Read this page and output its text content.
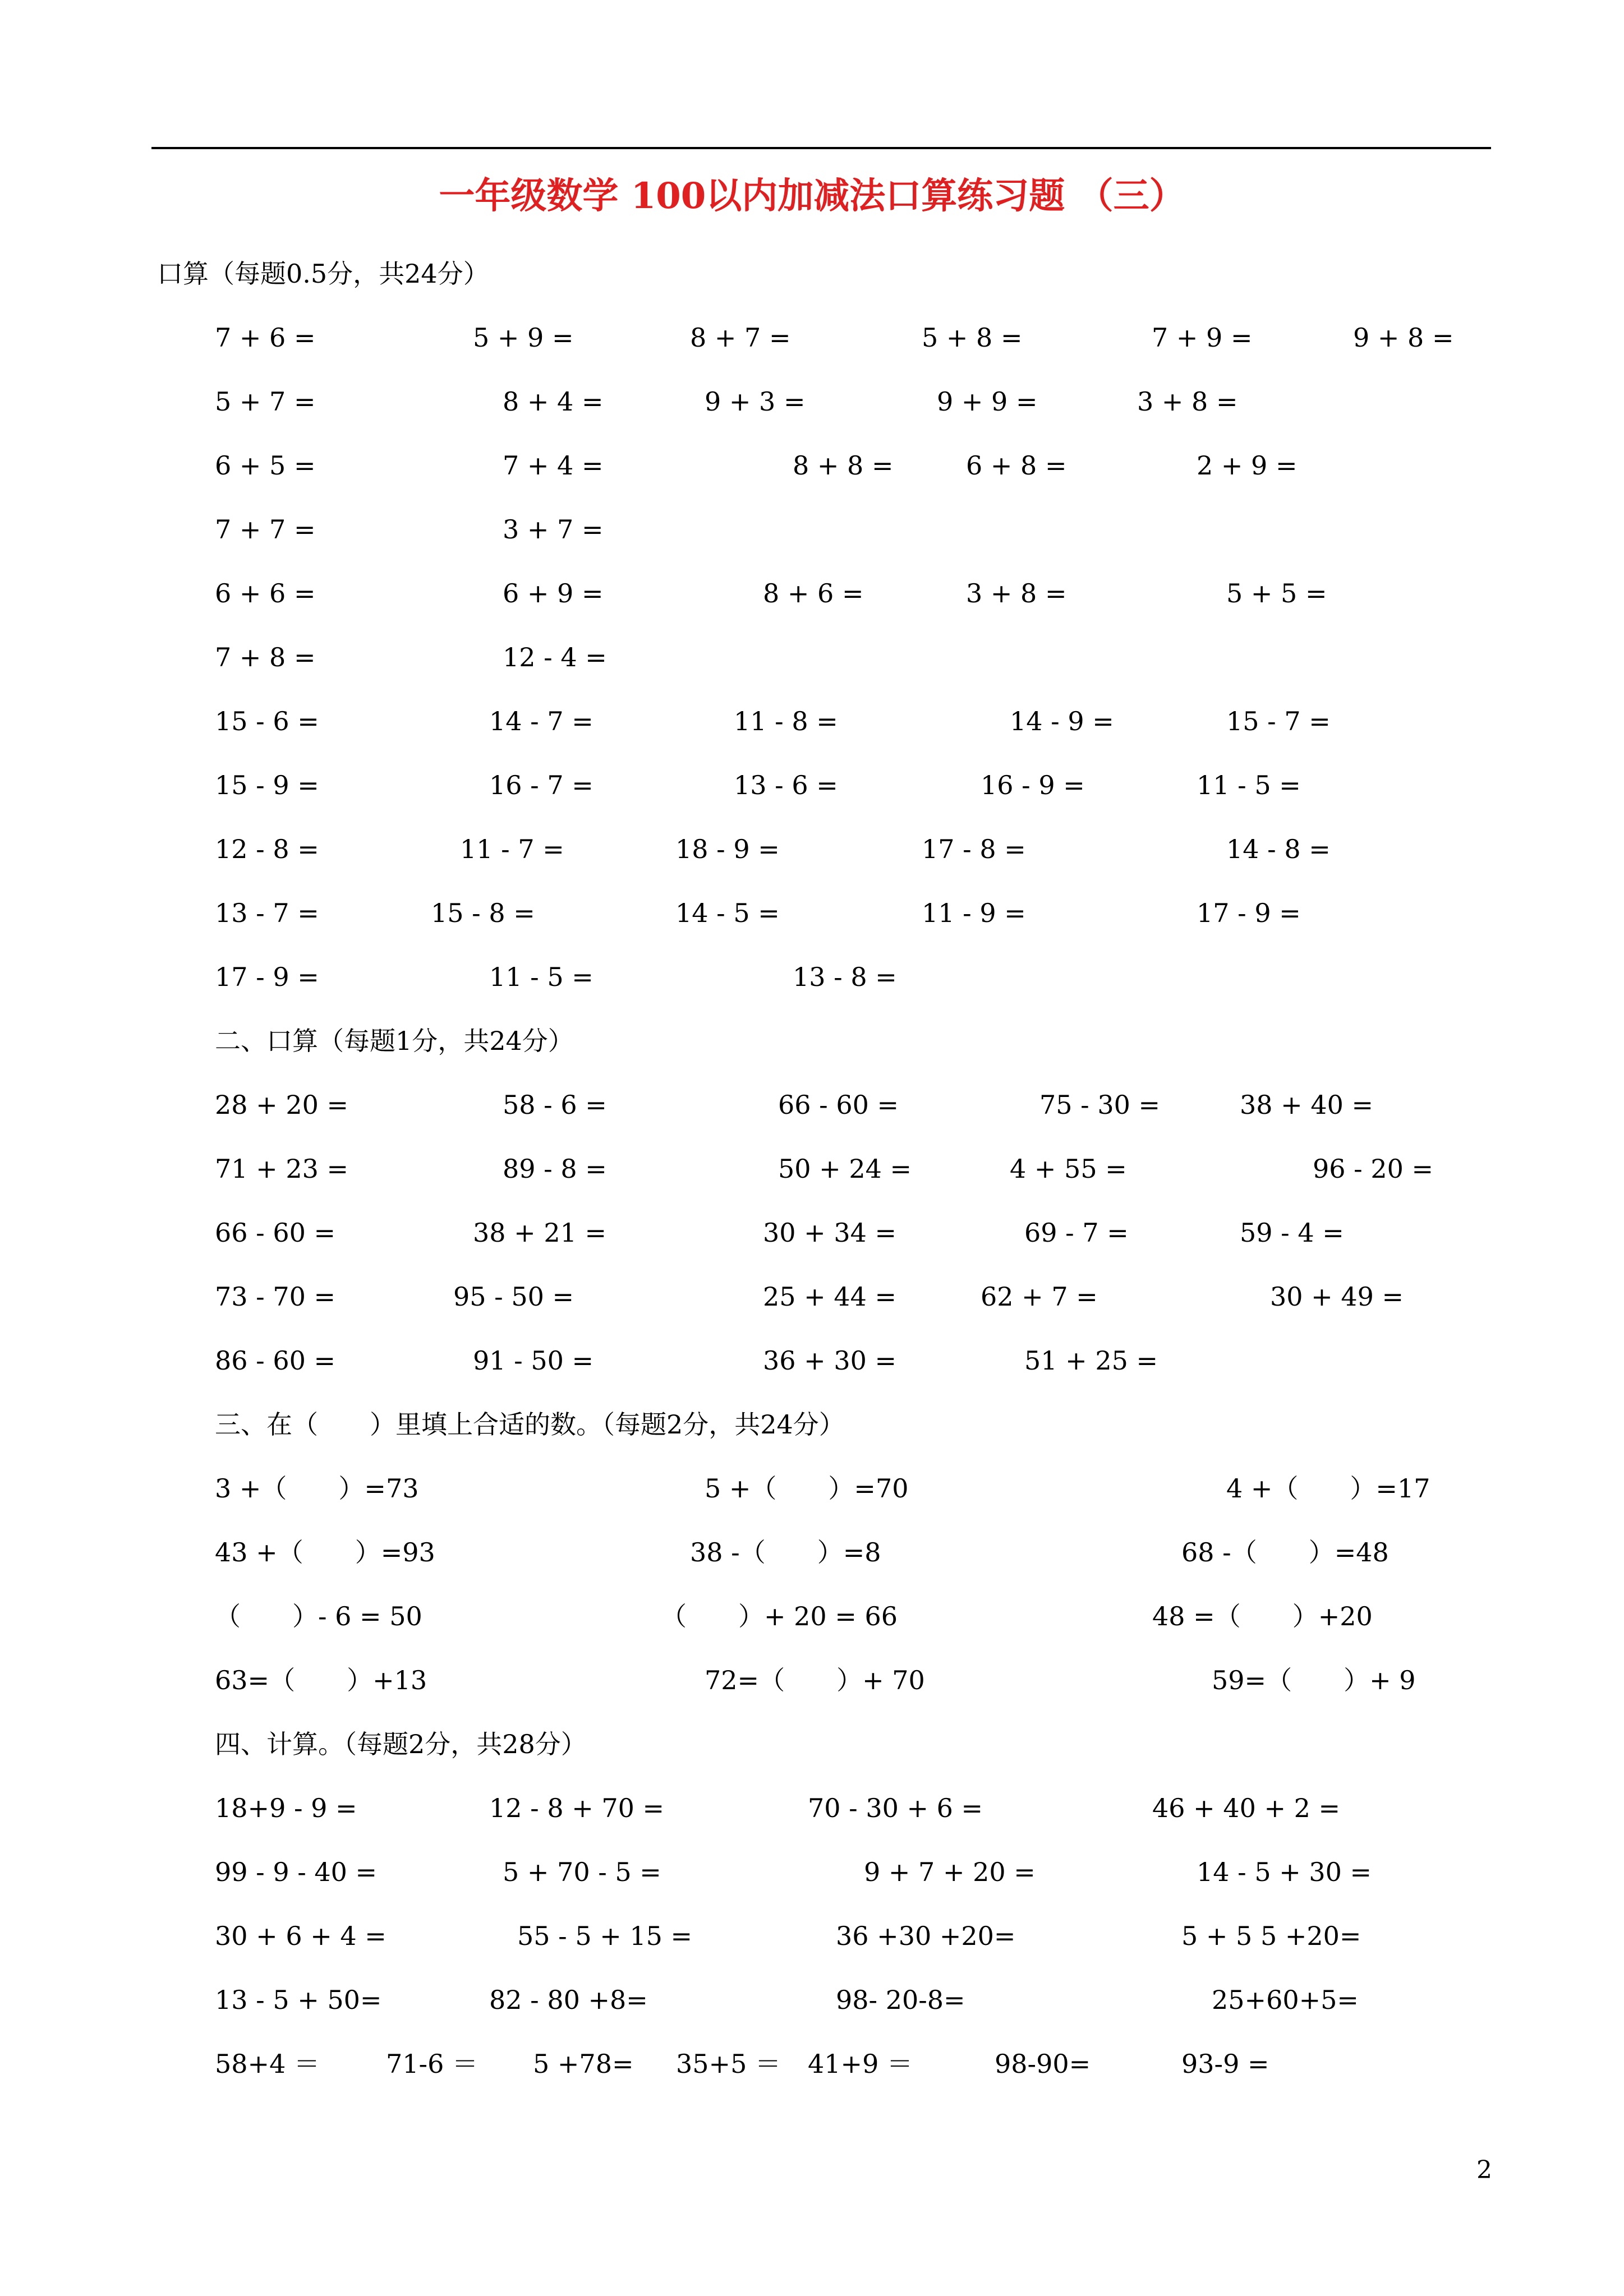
一年级数学 100以内加减法口算练习题 （三）
口算（每题0.5分，共24分）
7 + 6 =	5 + 9 =	8 + 7 =	5 + 8 =	7 + 9 =	9 + 8 =
5 + 7 =	8 + 4 =	9 + 3 =	9 + 9 =	3 + 8 =
6 + 5 =	7 + 4 =	8 + 8 =	6 + 8 =	2 + 9 =
7 + 7 =	3 + 7 =
6 + 6 =	6 + 9 =	8 + 6 =	3 + 8 =	5 + 5 =
7 + 8 =	12 - 4 =
15 - 6 =	14 - 7 =	11 - 8 =	14 - 9 =	15 - 7 =
15 - 9 =	16 - 7 =	13 - 6 =	16 - 9 =	11 - 5 =
12 - 8 =	11 - 7 =	18 - 9 =	17 - 8 =	14 - 8 =
13 - 7 =	15 - 8 =	14 - 5 =	11 - 9 =	17 - 9 =
17 - 9 =	11 - 5 =	13 - 8 =
二、口算（每题1分，共24分）
28 + 20 =	58 - 6 =	66 - 60 =	75 - 30 =	38 + 40 =
71 + 23 =	89 - 8 =	50 + 24 =	4 + 55 =	96 - 20 =
66 - 60 =	38 + 21 =	30 + 34 =	69 - 7 =	59 - 4 =
73 - 70 =	95 - 50 =	25 + 44 =	62 + 7 =	30 + 49 =
86 - 60 =	91 - 50 =	36 + 30 =	51 + 25 =
三、在（　　）里填上合适的数。（每题2分，共24分）
3 +（　　）=73	5 +（　　）=70	4 +（　　）=17
43 +（　　）=93	38 -（　　）=8	68 -（　　）=48
（　　）- 6 = 50	（　　）+ 20 = 66	48 =（　　）+20
63=（　　）+13	72=（　　）+ 70	59=（　　）+ 9
四、计算。（每题2分，共28分）
18+9 - 9 =	12 - 8 + 70 =	70 - 30 + 6 =	46 + 40 + 2 =
99 - 9 - 40 =	5 + 70 - 5 =	9 + 7 + 20 =	14 - 5 + 30 =
30 + 6 + 4 =	55 - 5 + 15 =	36 +30 +20=	5 + 5 5 +20=
13 - 5 + 50=	82 - 80 +8=	98- 20-8=	25+60+5=
58+4 ＝	71-6 ＝ 5 +78= 35+5 ＝ 41+9 ＝	98-90=	93-9 =
2
